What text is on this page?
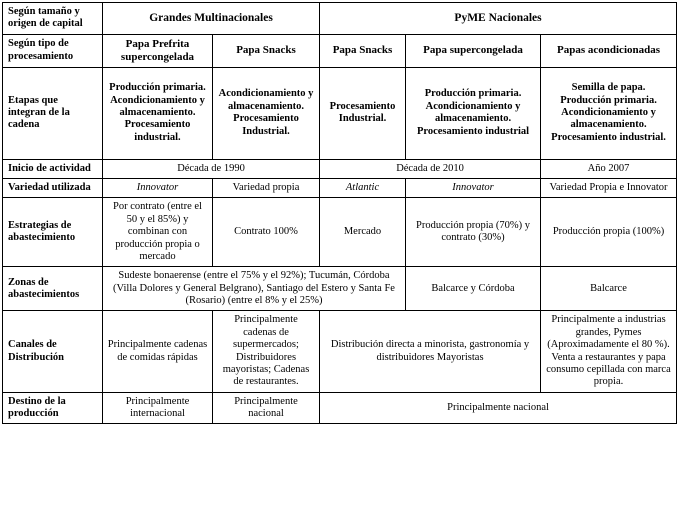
Según tamaño y origen de capital	Grandes Multinacionales		PyME Nacionales		
Según tipo de procesamiento	Papa Prefrita supercongelada	Papa Snacks	Papa Snacks	Papa supercongelada	Papas acondicionadas
Etapas que integran de la cadena	Producción primaria. Acondicionamiento y almacenamiento. Procesamiento industrial.	Acondicionamiento y almacenamiento. Procesamiento Industrial.	Procesamiento Industrial.	Producción primaria. Acondicionamiento y almacenamiento. Procesamiento industrial	Semilla de papa. Producción primaria. Acondicionamiento y almacenamiento. Procesamiento industrial.
Inicio de actividad	Década de 1990		Década de 2010		Año 2007
Variedad utilizada	Innovator	Variedad propia	Atlantic	Innovator	Variedad Propia e Innovator
Estrategias de abastecimiento	Por contrato (entre el 50 y el 85%) y combinan con producción propia o mercado	Contrato 100%	Mercado	Producción propia (70%) y contrato (30%)	Producción propia (100%)
Zonas de abastecimientos	Sudeste bonaerense (entre el 75% y el 92%); Tucumán, Córdoba (Villa Dolores y General Belgrano), Santiago del Estero y Santa Fe (Rosario) (entre el 8% y el 25%)			Balcarce y Córdoba	Balcarce
Canales de Distribución	Principalmente cadenas de comidas rápidas	Principalmente cadenas de supermercados; Distribuidores mayoristas; Cadenas de restaurantes.	Distribución directa a minorista, gastronomía y distribuidores Mayoristas		Principalmente a industrias grandes, Pymes (Aproximadamente el 80 %). Venta a restaurantes y papa consumo cepillada con marca propia.
Destino de la producción	Principalmente internacional	Principalmente nacional	Principalmente nacional		
